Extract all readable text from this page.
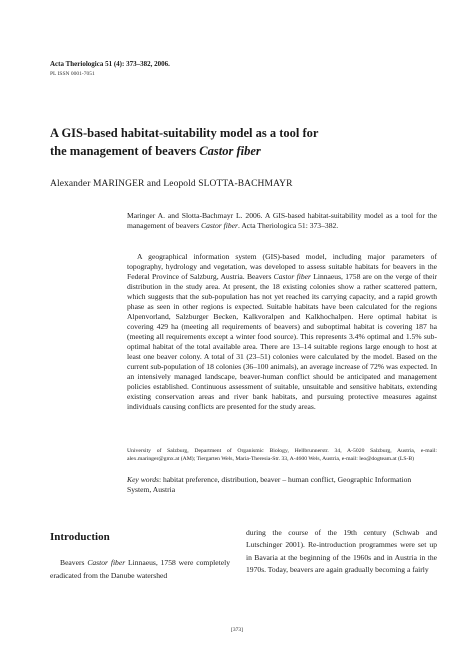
Acta Theriologica 51 (4): 373–382, 2006.
PL ISSN 0001-7051
A GIS-based habitat-suitability model as a tool for
the management of beavers Castor fiber
Alexander MARINGER and Leopold SLOTTA-BACHMAYR

Maringer A. and Slotta-Bachmayr L. 2006. A GIS-based habitat-suitability model as a tool for the management of beavers Castor fiber. Acta Theriologica 51: 373–382.

A geographical information system (GIS)-based model, including major parameters of topography, hydrology and vegetation, was developed to assess suitable habitats for beavers in the Federal Province of Salzburg, Austria. Beavers Castor fiber Linnaeus, 1758 are on the verge of their distribution in the study area. At present, the 18 existing colonies show a rather scattered pattern, which suggests that the sub-population has not yet reached its carrying capacity, and a rapid growth phase as seen in other regions is expected. Suitable habitats have been calculated for the regions Alpenvorland, Salzburger Becken, Kalkvoralpen and Kalkhochalpen. Here optimal habitat is covering 429 ha (meeting all requirements of beavers) and suboptimal habitat is covering 187 ha (meeting all requirements except a winter food source). This represents 3.4% optimal and 1.5% sub-optimal habitat of the total available area. There are 13–14 suitable regions large enough to host at least one beaver colony. A total of 31 (23–51) colonies were calculated by the model. Based on the current sub-population of 18 colonies (36–100 animals), an average increase of 72% was expected. In an intensively managed landscape, beaver-human conflict should be anticipated and management policies established. Continuous assessment of suitable, unsuitable and sensitive habitats, extending existing conservation areas and river bank habitats, and pursuing protective measures against individuals causing conflicts are presented for the study areas.

University of Salzburg, Department of Organismic Biology, Hellbrunnerstr. 34, A-5020 Salzburg, Austria, e-mail: alex.maringer@gmx.at (AM); Tiergarten Wels, Maria-Theresia-Str. 33, A-4600 Wels, Austria, e-mail: leo@dogteam.at (LS-B)

Key words: habitat preference, distribution, beaver – human conflict, Geographic Information System, Austria

Introduction

Beavers Castor fiber Linnaeus, 1758 were completely eradicated from the Danube watershed

during the course of the 19th century (Schwab and Lutschinger 2001). Re-introduction programmes were set up in Bavaria at the beginning of the 1960s and in Austria in the 1970s. Today, beavers are again gradually becoming a fairly

[373]
